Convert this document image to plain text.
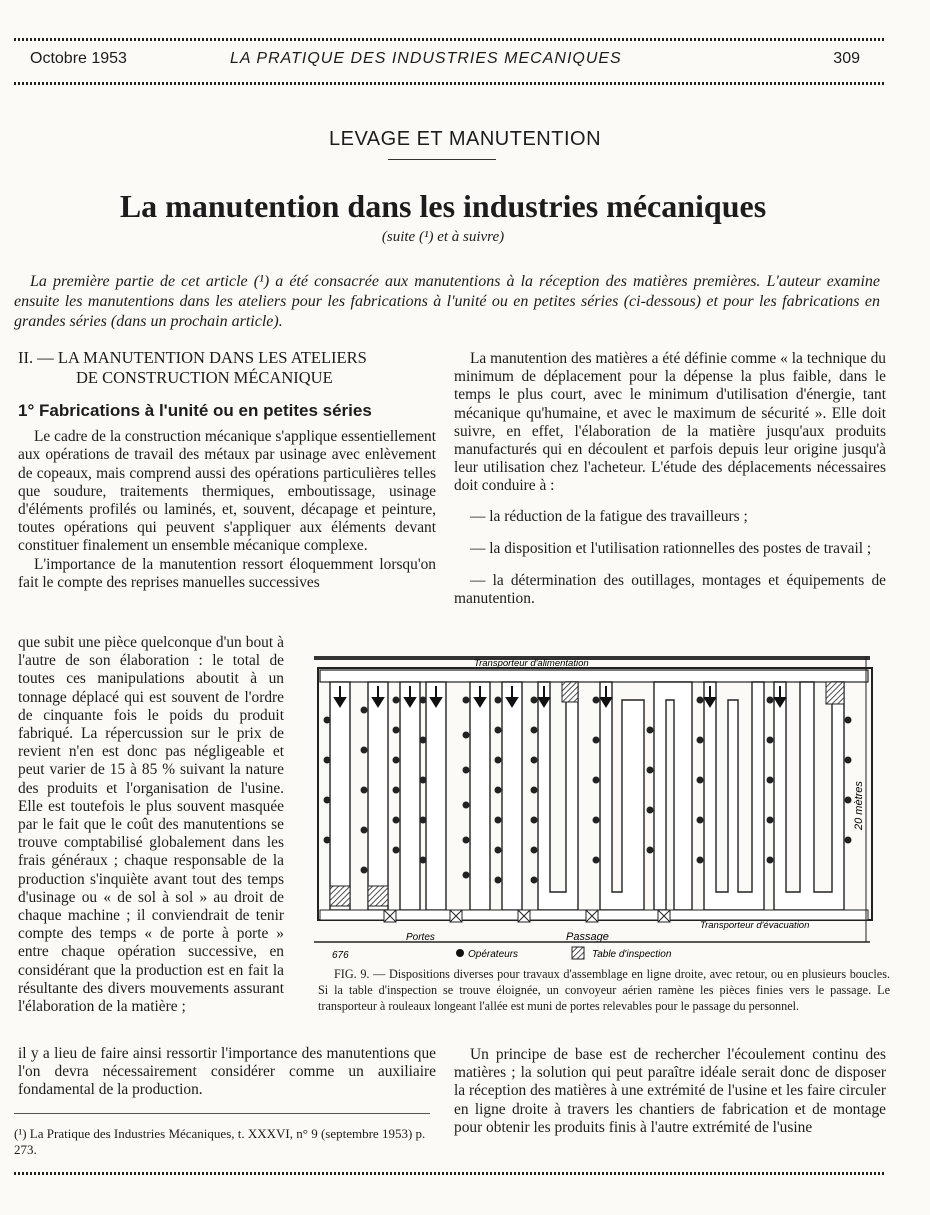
Octobre 1953	LA PRATIQUE DES INDUSTRIES MECANIQUES	309
LEVAGE ET MANUTENTION
La manutention dans les industries mécaniques
(suite (¹) et à suivre)

La première partie de cet article (¹) a été consacrée aux manutentions à la réception des matières premières. L'auteur examine ensuite les manutentions dans les ateliers pour les fabrications à l'unité ou en petites séries (ci-dessous) et pour les fabrications en grandes séries (dans un prochain article).

II. — LA MANUTENTION DANS LES ATELIERS
DE CONSTRUCTION MÉCANIQUE
1° Fabrications à l'unité ou en petites séries

Le cadre de la construction mécanique s'applique essentiellement aux opérations de travail des métaux par usinage avec enlèvement de copeaux, mais comprend aussi des opérations particulières telles que soudure, traitements thermiques, emboutissage, usinage d'éléments profilés ou laminés, et, souvent, décapage et peinture, toutes opérations qui peuvent s'appliquer aux éléments devant constituer finalement un ensemble mécanique complexe.

L'importance de la manutention ressort éloquemment lorsqu'on fait le compte des reprises manuelles successives

que subit une pièce quelconque d'un bout à l'autre de son élaboration : le total de toutes ces manipulations aboutit à un tonnage déplacé qui est souvent de l'ordre de cinquante fois le poids du produit fabriqué. La répercussion sur le prix de revient n'en est donc pas négligeable et peut varier de 15 à 85 % suivant la nature des produits et l'organisation de l'usine. Elle est toutefois le plus souvent masquée par le fait que le coût des manutentions se trouve comptabilisé globalement dans les frais généraux ; chaque responsable de la production s'inquiète avant tout des temps d'usinage ou « de sol à sol » au droit de chaque machine ; il conviendrait de tenir compte des temps « de porte à porte » entre chaque opération successive, en considérant que la production est en fait la résultante des divers mouvements assurant l'élaboration de la matière ;

il y a lieu de faire ainsi ressortir l'importance des manutentions que l'on devra nécessairement considérer comme un auxiliaire fondamental de la production.

La manutention des matières a été définie comme « la technique du minimum de déplacement pour la dépense la plus faible, dans le temps le plus court, avec le minimum d'utilisation d'énergie, tant mécanique qu'humaine, et avec le maximum de sécurité ». Elle doit suivre, en effet, l'élaboration de la matière jusqu'aux produits manufacturés qui en découlent et parfois depuis leur origine jusqu'à leur utilisation chez l'acheteur. L'étude des déplacements nécessaires doit conduire à :

— la réduction de la fatigue des travailleurs ;

— la disposition et l'utilisation rationnelles des postes de travail ;

— la détermination des outillages, montages et équipements de manutention.

Transporteur d'alimentation
Transporteur d'évacuation
Portes	Passage
20 mètres
676	Opérateurs	Table d'inspection

FIG. 9. — Dispositions diverses pour travaux d'assemblage en ligne droite, avec retour, ou en plusieurs boucles. Si la table d'inspection se trouve éloignée, un convoyeur aérien ramène les pièces finies vers le passage. Le transporteur à rouleaux longeant l'allée est muni de portes relevables pour le passage du personnel.

Un principe de base est de rechercher l'écoulement continu des matières ; la solution qui peut paraître idéale serait donc de disposer la réception des matières à une extrémité de l'usine et les faire circuler en ligne droite à travers les chantiers de fabrication et de montage pour obtenir les produits finis à l'autre extrémité de l'usine

(¹) La Pratique des Industries Mécaniques, t. XXXVI, n° 9 (septembre 1953) p. 273.
